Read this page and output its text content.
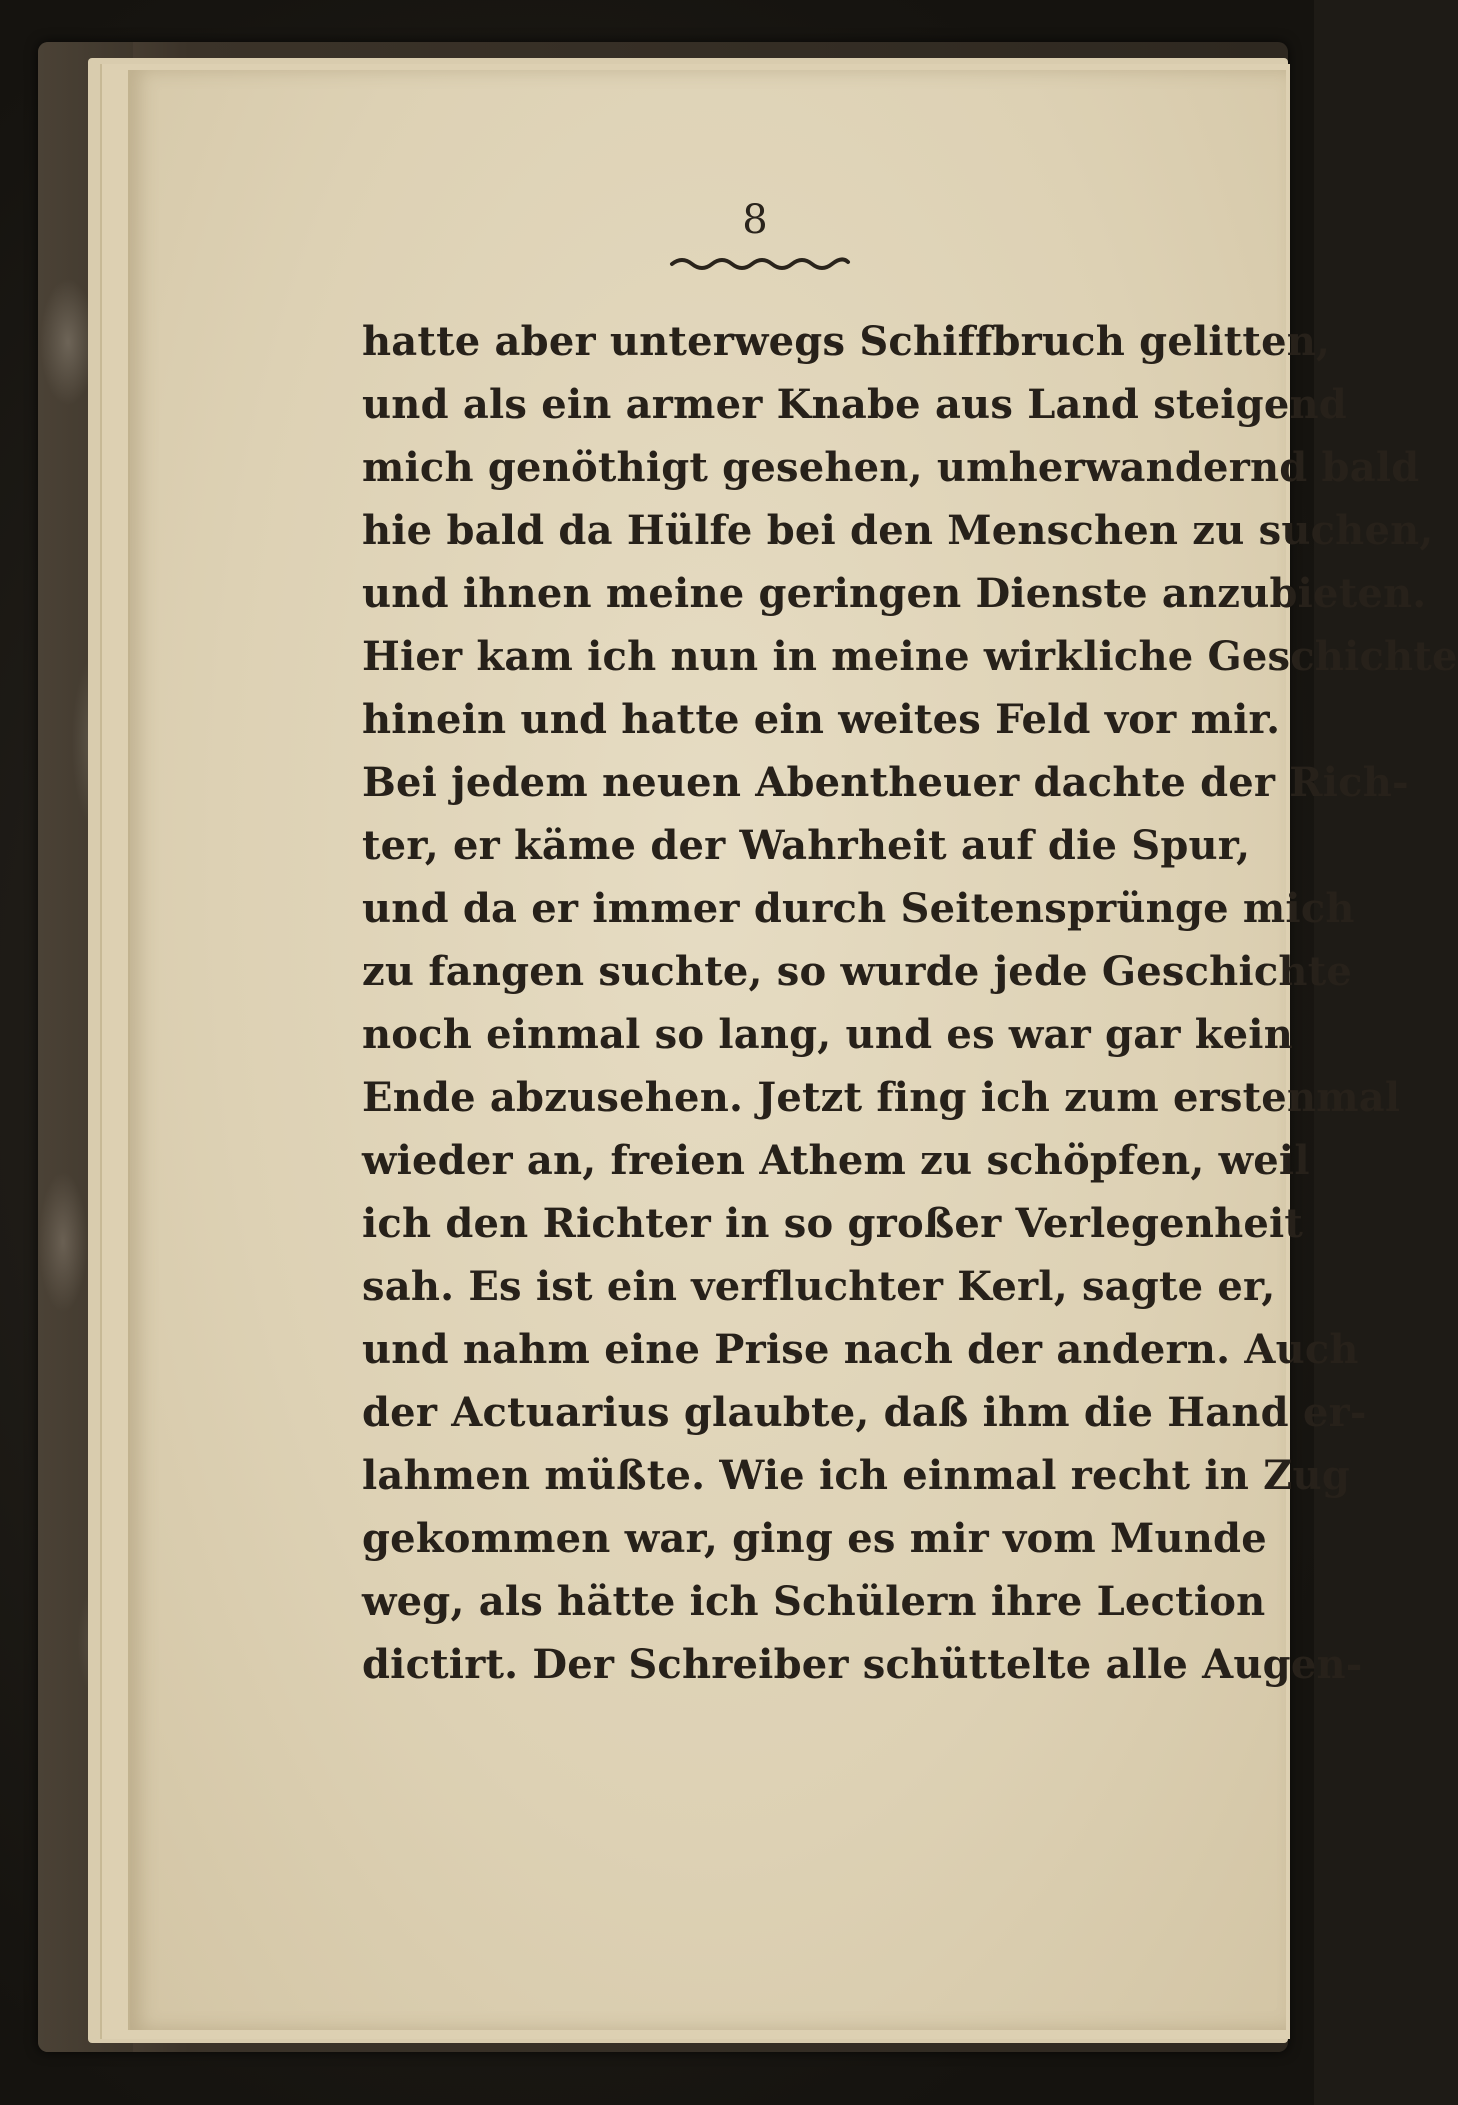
8
hatte aber unterwegs Schiffbruch gelitten,
und als ein armer Knabe aus Land steigend
mich genöthigt gesehen, umherwandernd bald
hie bald da Hülfe bei den Menschen zu suchen,
und ihnen meine geringen Dienste anzubieten.
Hier kam ich nun in meine wirkliche Geschichte
hinein und hatte ein weites Feld vor mir.
Bei jedem neuen Abentheuer dachte der Rich-
ter, er käme der Wahrheit auf die Spur,
und da er immer durch Seitensprünge mich
zu fangen suchte, so wurde jede Geschichte
noch einmal so lang, und es war gar kein
Ende abzusehen. Jetzt fing ich zum erstenmal
wieder an, freien Athem zu schöpfen, weil
ich den Richter in so großer Verlegenheit
sah. Es ist ein verfluchter Kerl, sagte er,
und nahm eine Prise nach der andern. Auch
der Actuarius glaubte, daß ihm die Hand er-
lahmen müßte. Wie ich einmal recht in Zug
gekommen war, ging es mir vom Munde
weg, als hätte ich Schülern ihre Lection
dictirt. Der Schreiber schüttelte alle Augen-
